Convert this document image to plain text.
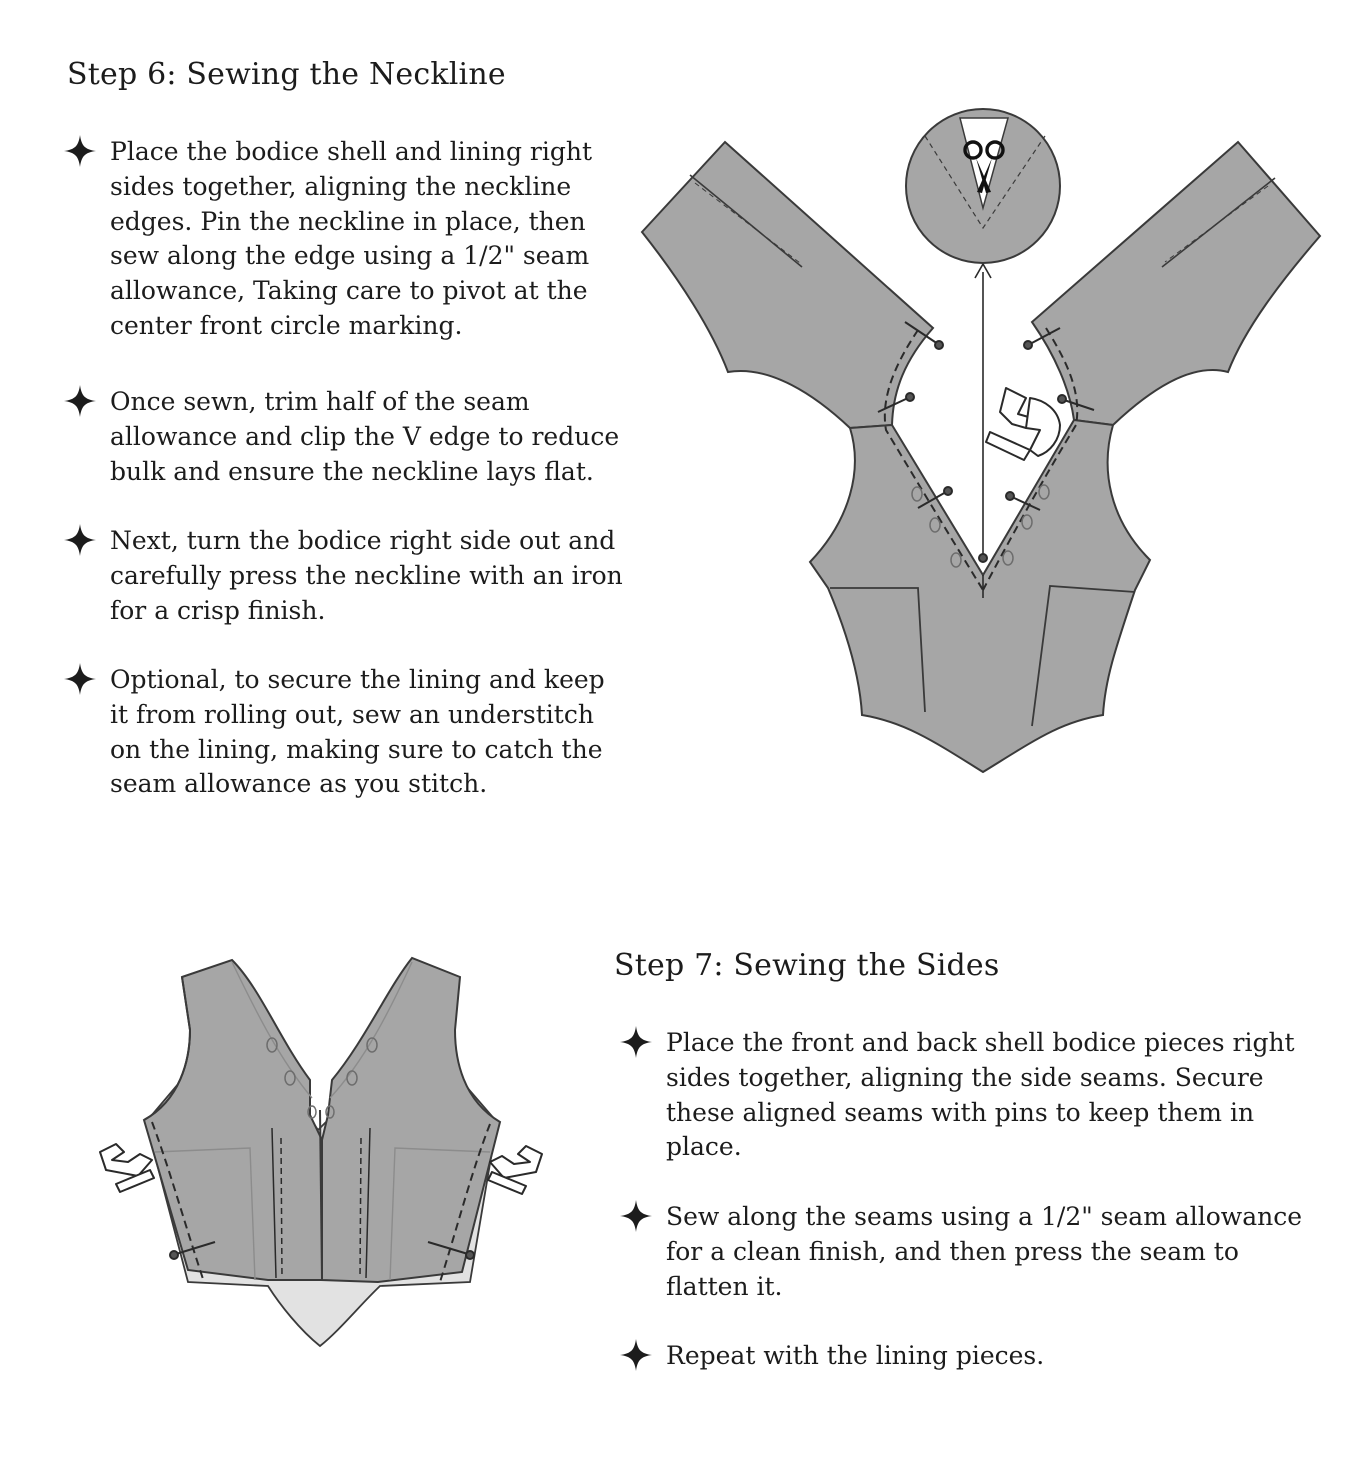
Step 6: Sewing the Neckline
Place the bodice shell and lining right sides together, aligning the neckline edges. Pin the neckline in place, then sew along the edge using a 1/2" seam allowance, Taking care to pivot at the center front circle marking.
Once sewn, trim half of the seam allowance and clip the V edge to reduce bulk and ensure the neckline lays flat.
Next, turn the bodice right side out and carefully press the neckline with an iron for a crisp finish.
Optional, to secure the lining and keep it from rolling out, sew an understitch on the lining, making sure to catch the seam allowance as you stitch.
Step 7: Sewing the Sides
Place the front and back shell bodice pieces right sides together, aligning the side seams. Secure these aligned seams with pins to keep them in place.
Sew along the seams using a 1/2" seam allowance for a clean finish, and then press the seam to flatten it.
Repeat with the lining pieces.
